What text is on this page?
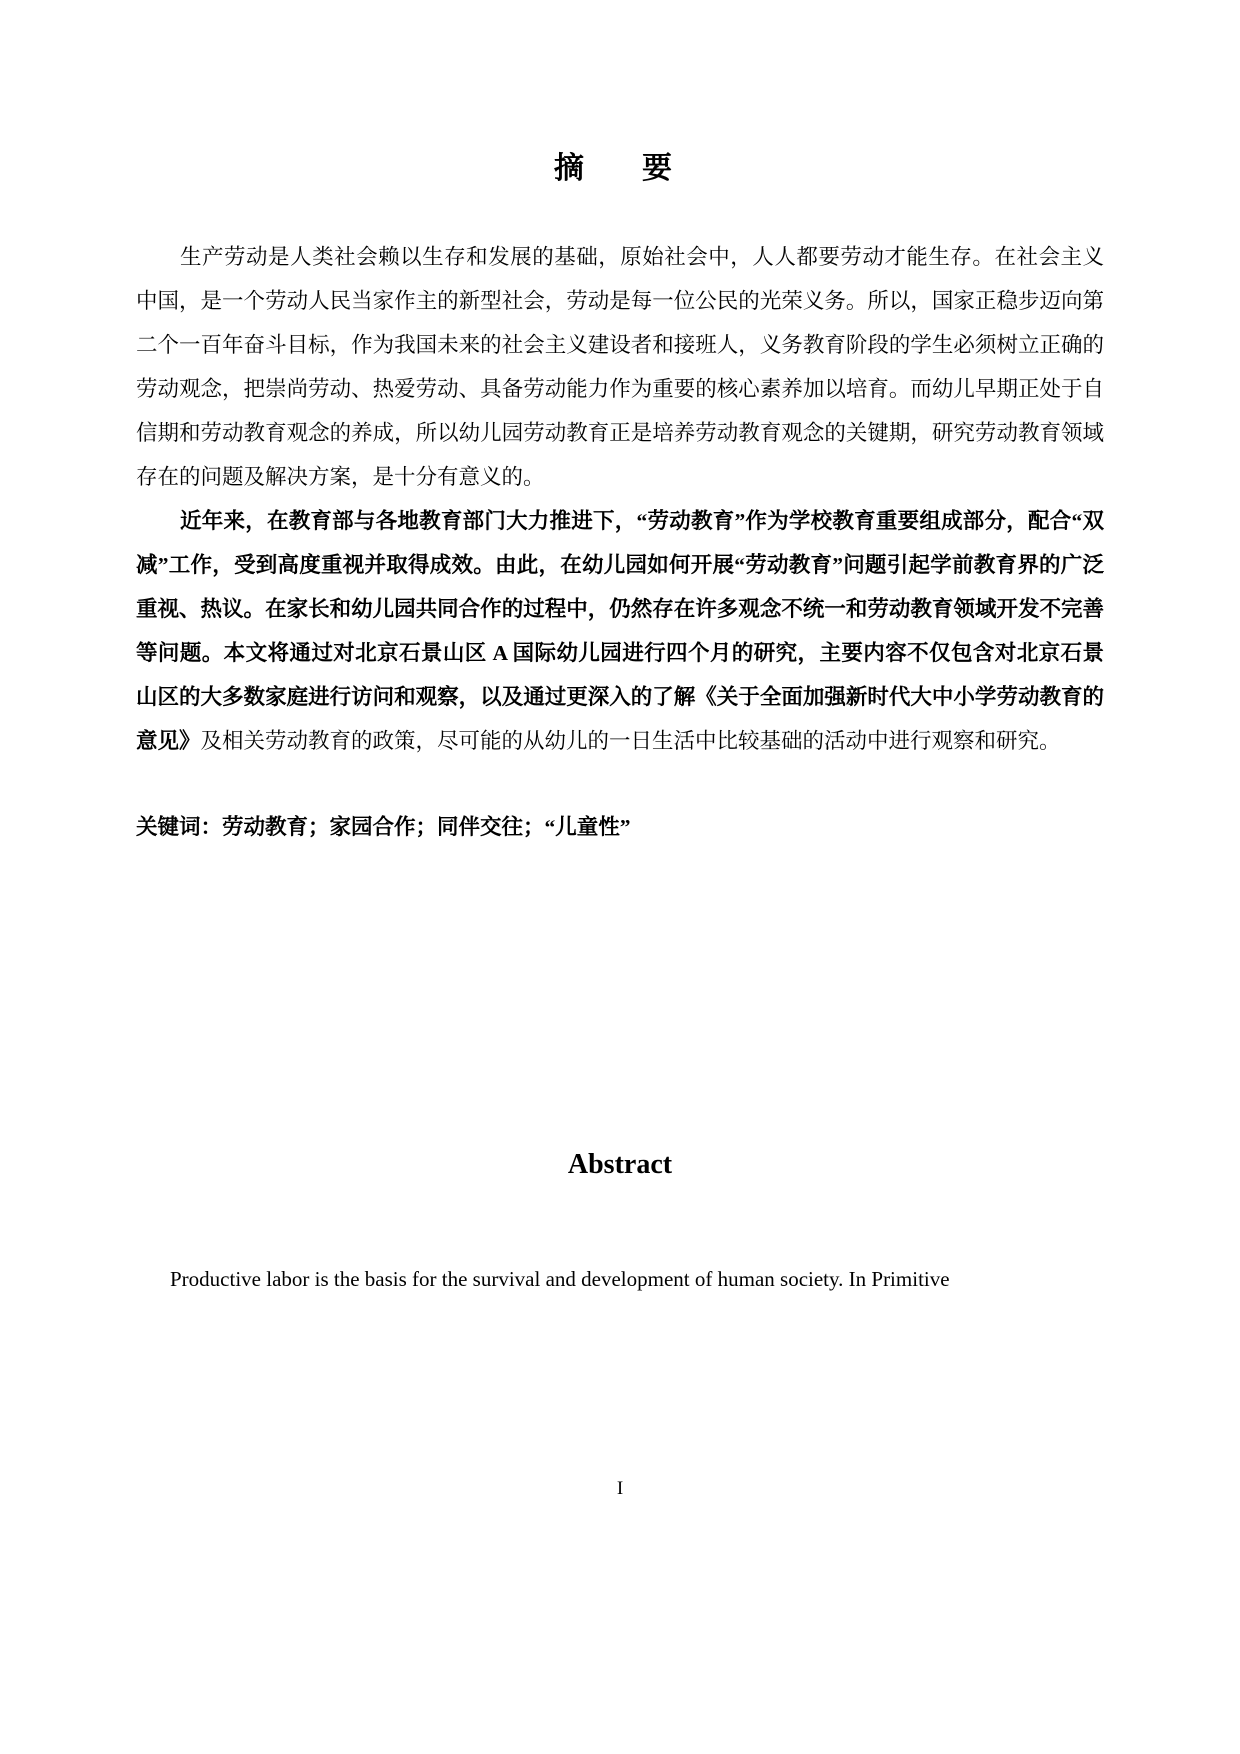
摘　要

生产劳动是人类社会赖以生存和发展的基础，原始社会中，人人都要劳动才能生存。在社会主义中国，是一个劳动人民当家作主的新型社会，劳动是每一位公民的光荣义务。所以，国家正稳步迈向第二个一百年奋斗目标，作为我国未来的社会主义建设者和接班人，义务教育阶段的学生必须树立正确的劳动观念，把崇尚劳动、热爱劳动、具备劳动能力作为重要的核心素养加以培育。而幼儿早期正处于自信期和劳动教育观念的养成，所以幼儿园劳动教育正是培养劳动教育观念的关键期，研究劳动教育领域存在的问题及解决方案，是十分有意义的。

近年来，在教育部与各地教育部门大力推进下，“劳动教育”作为学校教育重要组成部分，配合“双减”工作，受到高度重视并取得成效。由此，在幼儿园如何开展“劳动教育”问题引起学前教育界的广泛重视、热议。在家长和幼儿园共同合作的过程中，仍然存在许多观念不统一和劳动教育领域开发不完善等问题。本文将通过对北京石景山区 A 国际幼儿园进行四个月的研究，主要内容不仅包含对北京石景山区的大多数家庭进行访问和观察，以及通过更深入的了解《关于全面加强新时代大中小学劳动教育的意见》及相关劳动教育的政策，尽可能的从幼儿的一日生活中比较基础的活动中进行观察和研究。

关键词：劳动教育；家园合作；同伴交往；“儿童性”

Abstract

Productive labor is the basis for the survival and development of human society. In Primitive

I
